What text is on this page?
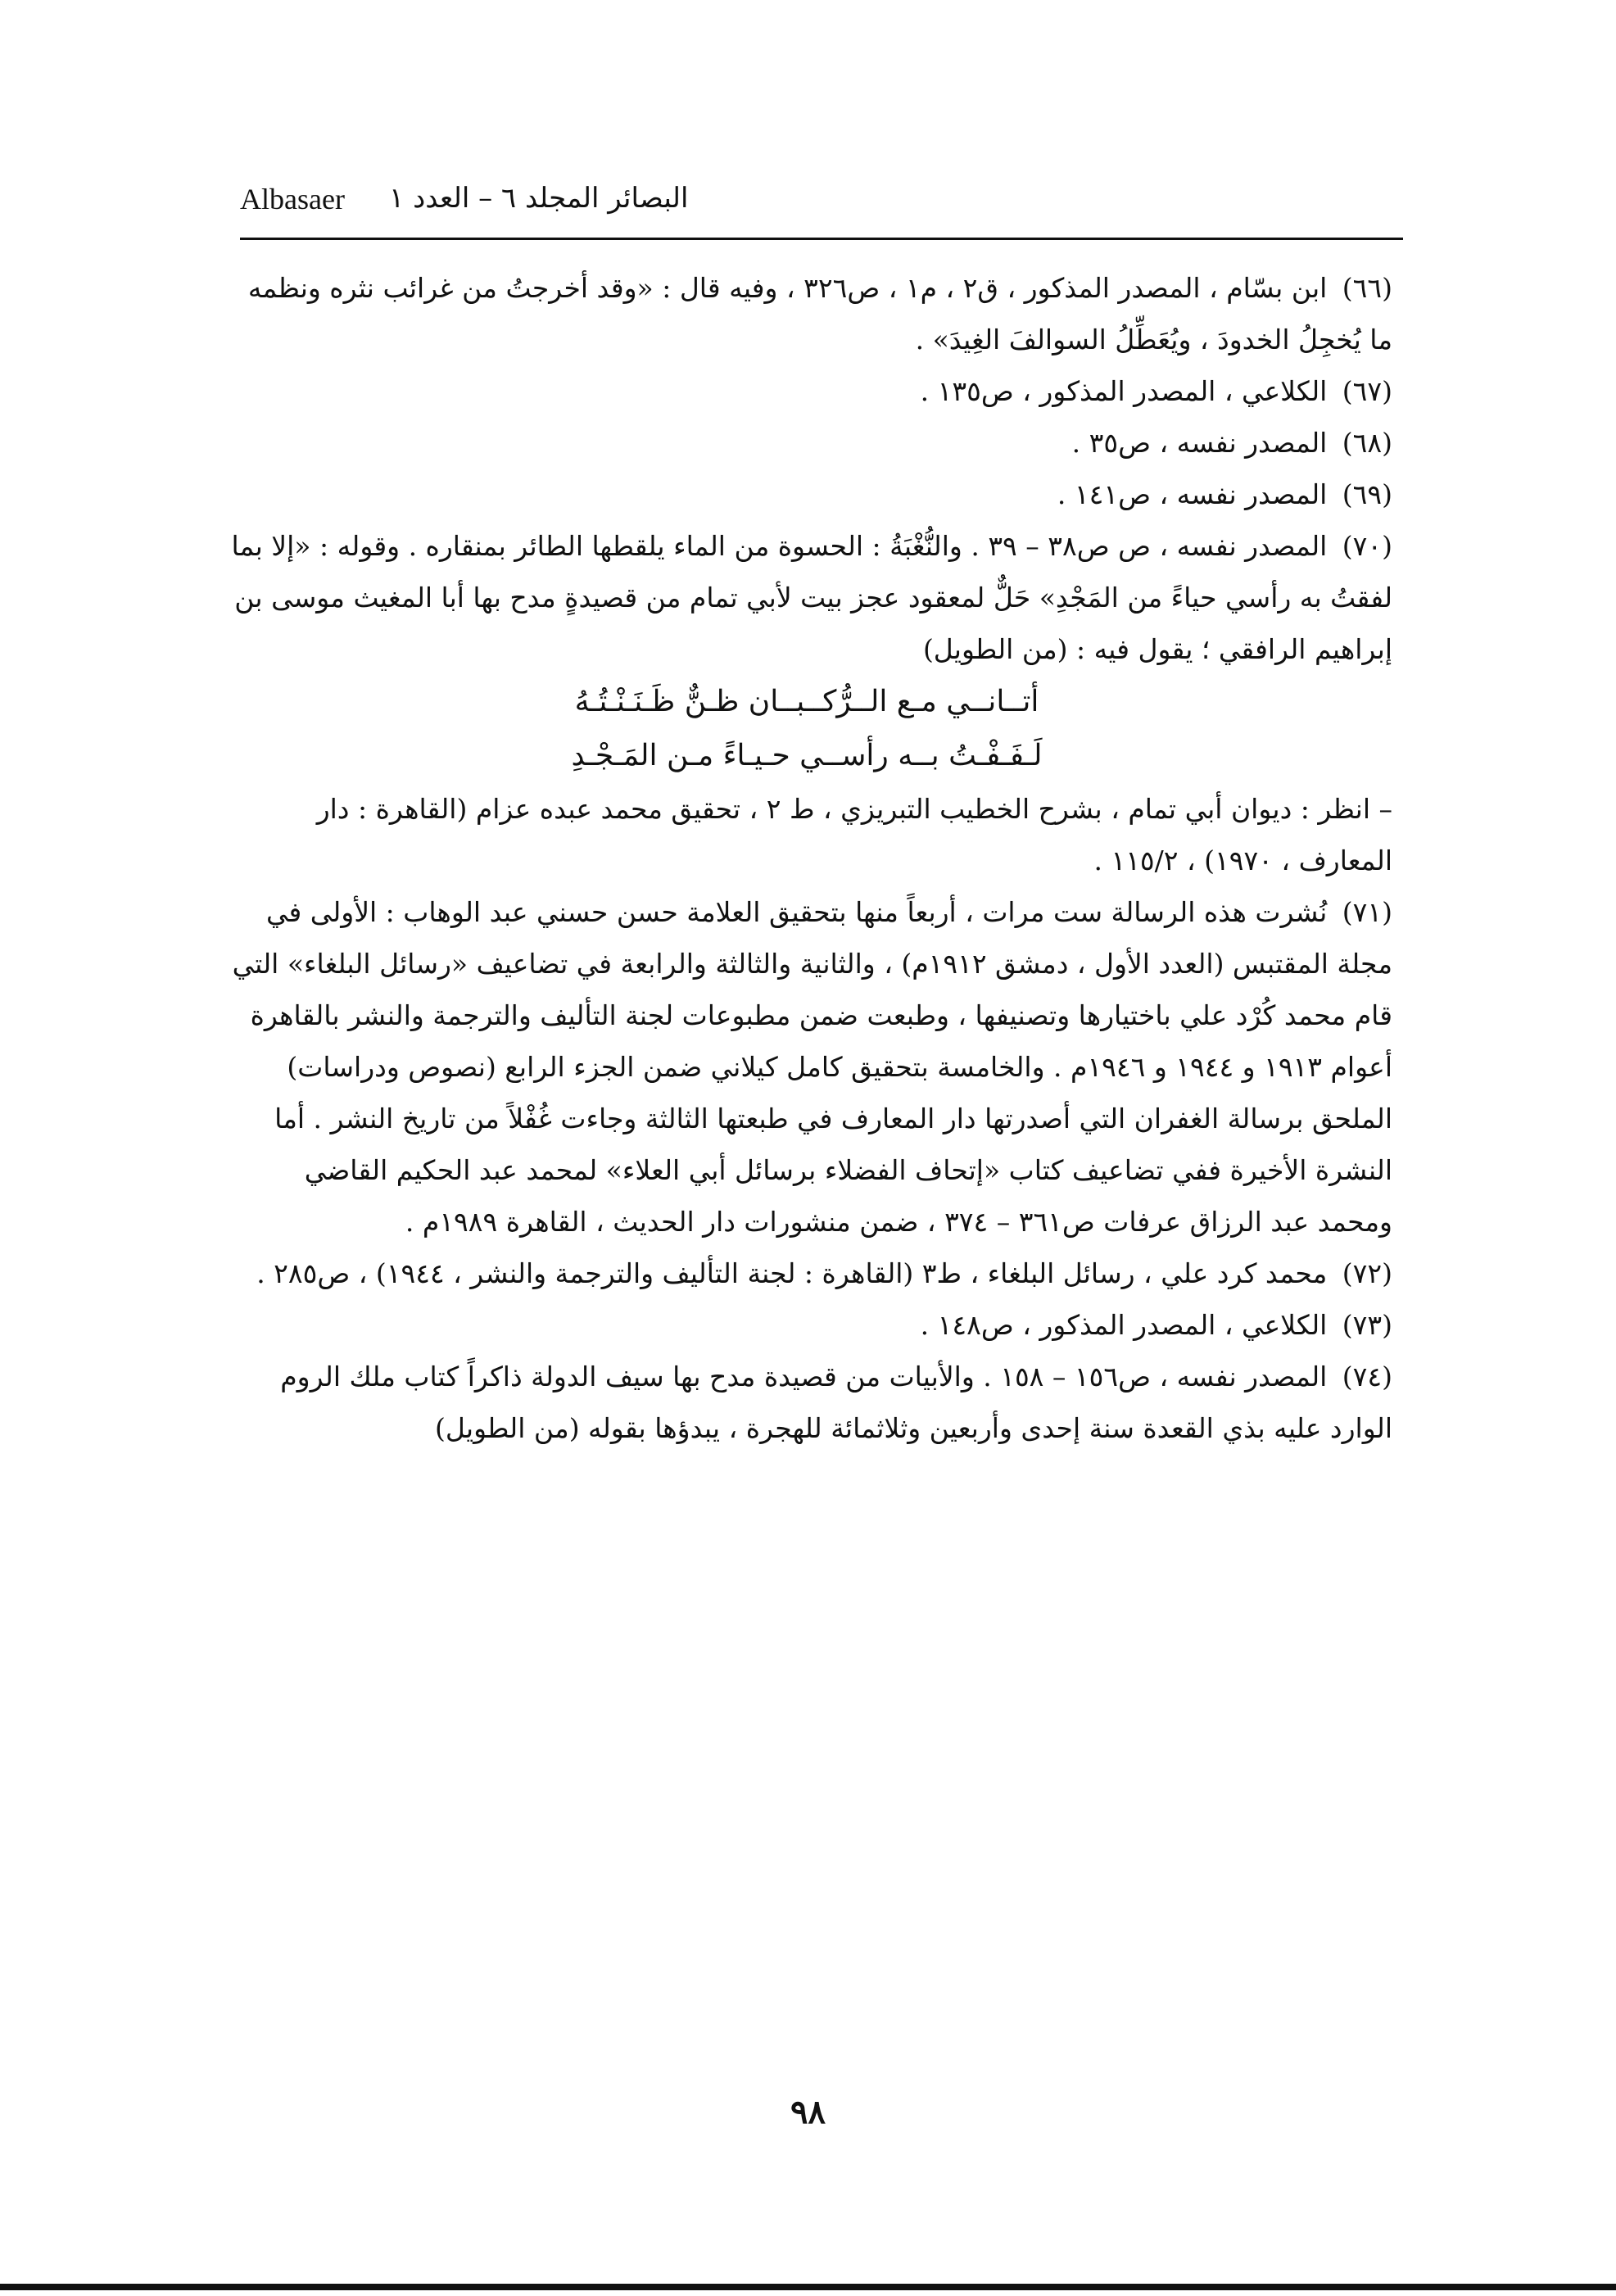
Albasaer البصائر المجلد ٦ – العدد ١

(٦٦) ابن بسّام ، المصدر المذكور ، ق٢ ، م١ ، ص٣٢٦ ، وفيه قال : «وقد أخرجتُ من غرائب نثره ونظمه ما يُخجِلُ الخدودَ ، ويُعَطِّلُ السوالفَ الغِيدَ» .

(٦٧) الكلاعي ، المصدر المذكور ، ص١٣٥ .

(٦٨) المصدر نفسه ، ص٣٥ .

(٦٩) المصدر نفسه ، ص١٤١ .

(٧٠) المصدر نفسه ، ص ص٣٨ – ٣٩ . والنُّغْبَةُ : الحسوة من الماء يلقطها الطائر بمنقاره . وقوله : «إلا بما لفقتُ به رأسي حياءً من المَجْدِ» حَلٌّ لمعقود عجز بيت لأبي تمام من قصيدةٍ مدح بها أبا المغيث موسى بن إبراهيم الرافقي ؛ يقول فيه : (من الطويل)

أتــانــي مـع الــرُّكــبــان ظـنٌّ ظَـنَـنْـتُـهُ
لَـفَـفْـتُ بــه رأســي حـيـاءً مـن المَـجْـدِ

– انظر : ديوان أبي تمام ، بشرح الخطيب التبريزي ، ط ٢ ، تحقيق محمد عبده عزام (القاهرة : دار المعارف ، ١٩٧٠) ، ١١٥/٢ .

(٧١) نُشرت هذه الرسالة ست مرات ، أربعاً منها بتحقيق العلامة حسن حسني عبد الوهاب : الأولى في مجلة المقتبس (العدد الأول ، دمشق ١٩١٢م) ، والثانية والثالثة والرابعة في تضاعيف «رسائل البلغاء» التي قام محمد كُرْد علي باختيارها وتصنيفها ، وطبعت ضمن مطبوعات لجنة التأليف والترجمة والنشر بالقاهرة أعوام ١٩١٣ و ١٩٤٤ و ١٩٤٦م . والخامسة بتحقيق كامل كيلاني ضمن الجزء الرابع (نصوص ودراسات) الملحق برسالة الغفران التي أصدرتها دار المعارف في طبعتها الثالثة وجاءت غُفْلاً من تاريخ النشر . أما النشرة الأخيرة ففي تضاعيف كتاب «إتحاف الفضلاء برسائل أبي العلاء» لمحمد عبد الحكيم القاضي ومحمد عبد الرزاق عرفات ص٣٦١ – ٣٧٤ ، ضمن منشورات دار الحديث ، القاهرة ١٩٨٩م .

(٧٢) محمد كرد علي ، رسائل البلغاء ، ط٣ (القاهرة : لجنة التأليف والترجمة والنشر ، ١٩٤٤) ، ص٢٨٥ .

(٧٣) الكلاعي ، المصدر المذكور ، ص١٤٨ .

(٧٤) المصدر نفسه ، ص١٥٦ – ١٥٨ . والأبيات من قصيدة مدح بها سيف الدولة ذاكراً كتاب ملك الروم الوارد عليه بذي القعدة سنة إحدى وأربعين وثلاثمائة للهجرة ، يبدؤها بقوله (من الطويل)

٩٨
